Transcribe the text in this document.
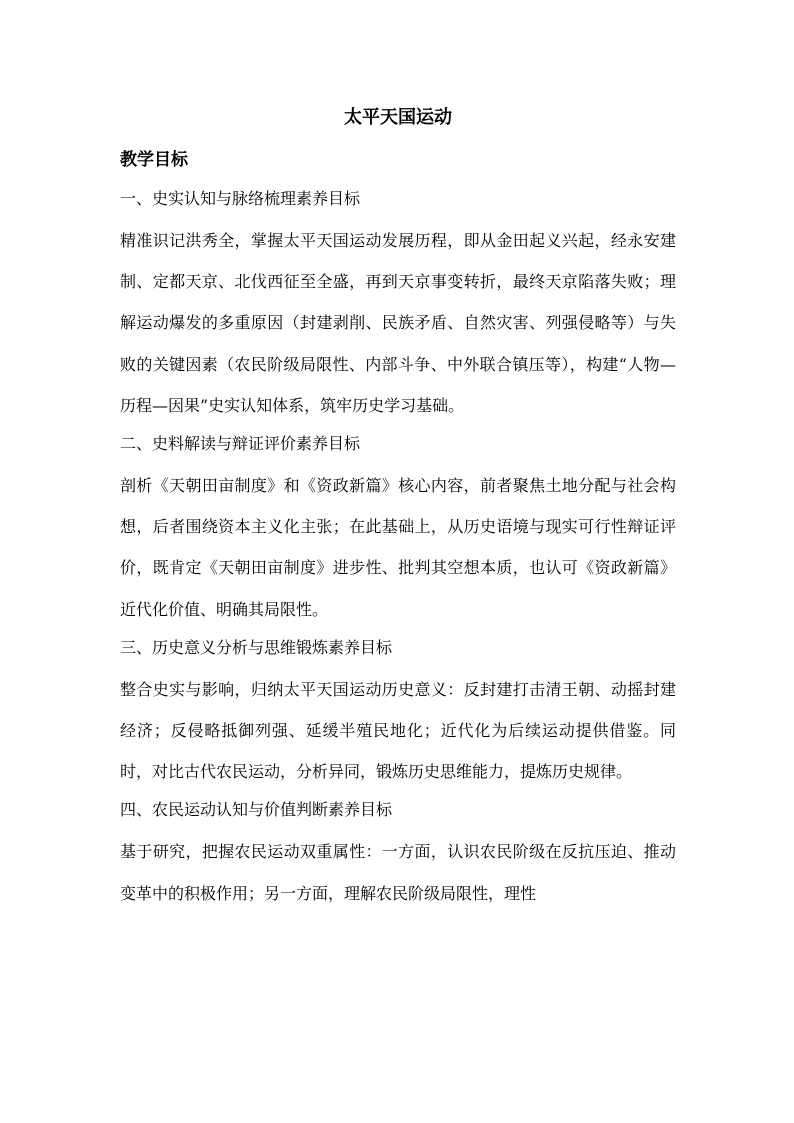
太平天国运动
教学目标

一、史实认知与脉络梳理素养目标

精准识记洪秀全，掌握太平天国运动发展历程，即从金田起义兴起，经永安建制、定都天京、北伐西征至全盛，再到天京事变转折，最终天京陷落失败；理解运动爆发的多重原因（封建剥削、民族矛盾、自然灾害、列强侵略等）与失败的关键因素（农民阶级局限性、内部斗争、中外联合镇压等），构建“人物—历程—因果”史实认知体系，筑牢历史学习基础。

二、史料解读与辩证评价素养目标

剖析《天朝田亩制度》和《资政新篇》核心内容，前者聚焦土地分配与社会构想，后者围绕资本主义化主张；在此基础上，从历史语境与现实可行性辩证评价，既肯定《天朝田亩制度》进步性、批判其空想本质，也认可《资政新篇》近代化价值、明确其局限性。

三、历史意义分析与思维锻炼素养目标

整合史实与影响，归纳太平天国运动历史意义：反封建打击清王朝、动摇封建经济；反侵略抵御列强、延缓半殖民地化；近代化为后续运动提供借鉴。同时，对比古代农民运动，分析异同，锻炼历史思维能力，提炼历史规律。

四、农民运动认知与价值判断素养目标

基于研究，把握农民运动双重属性：一方面，认识农民阶级在反抗压迫、推动变革中的积极作用；另一方面，理解农民阶级局限性，理性
